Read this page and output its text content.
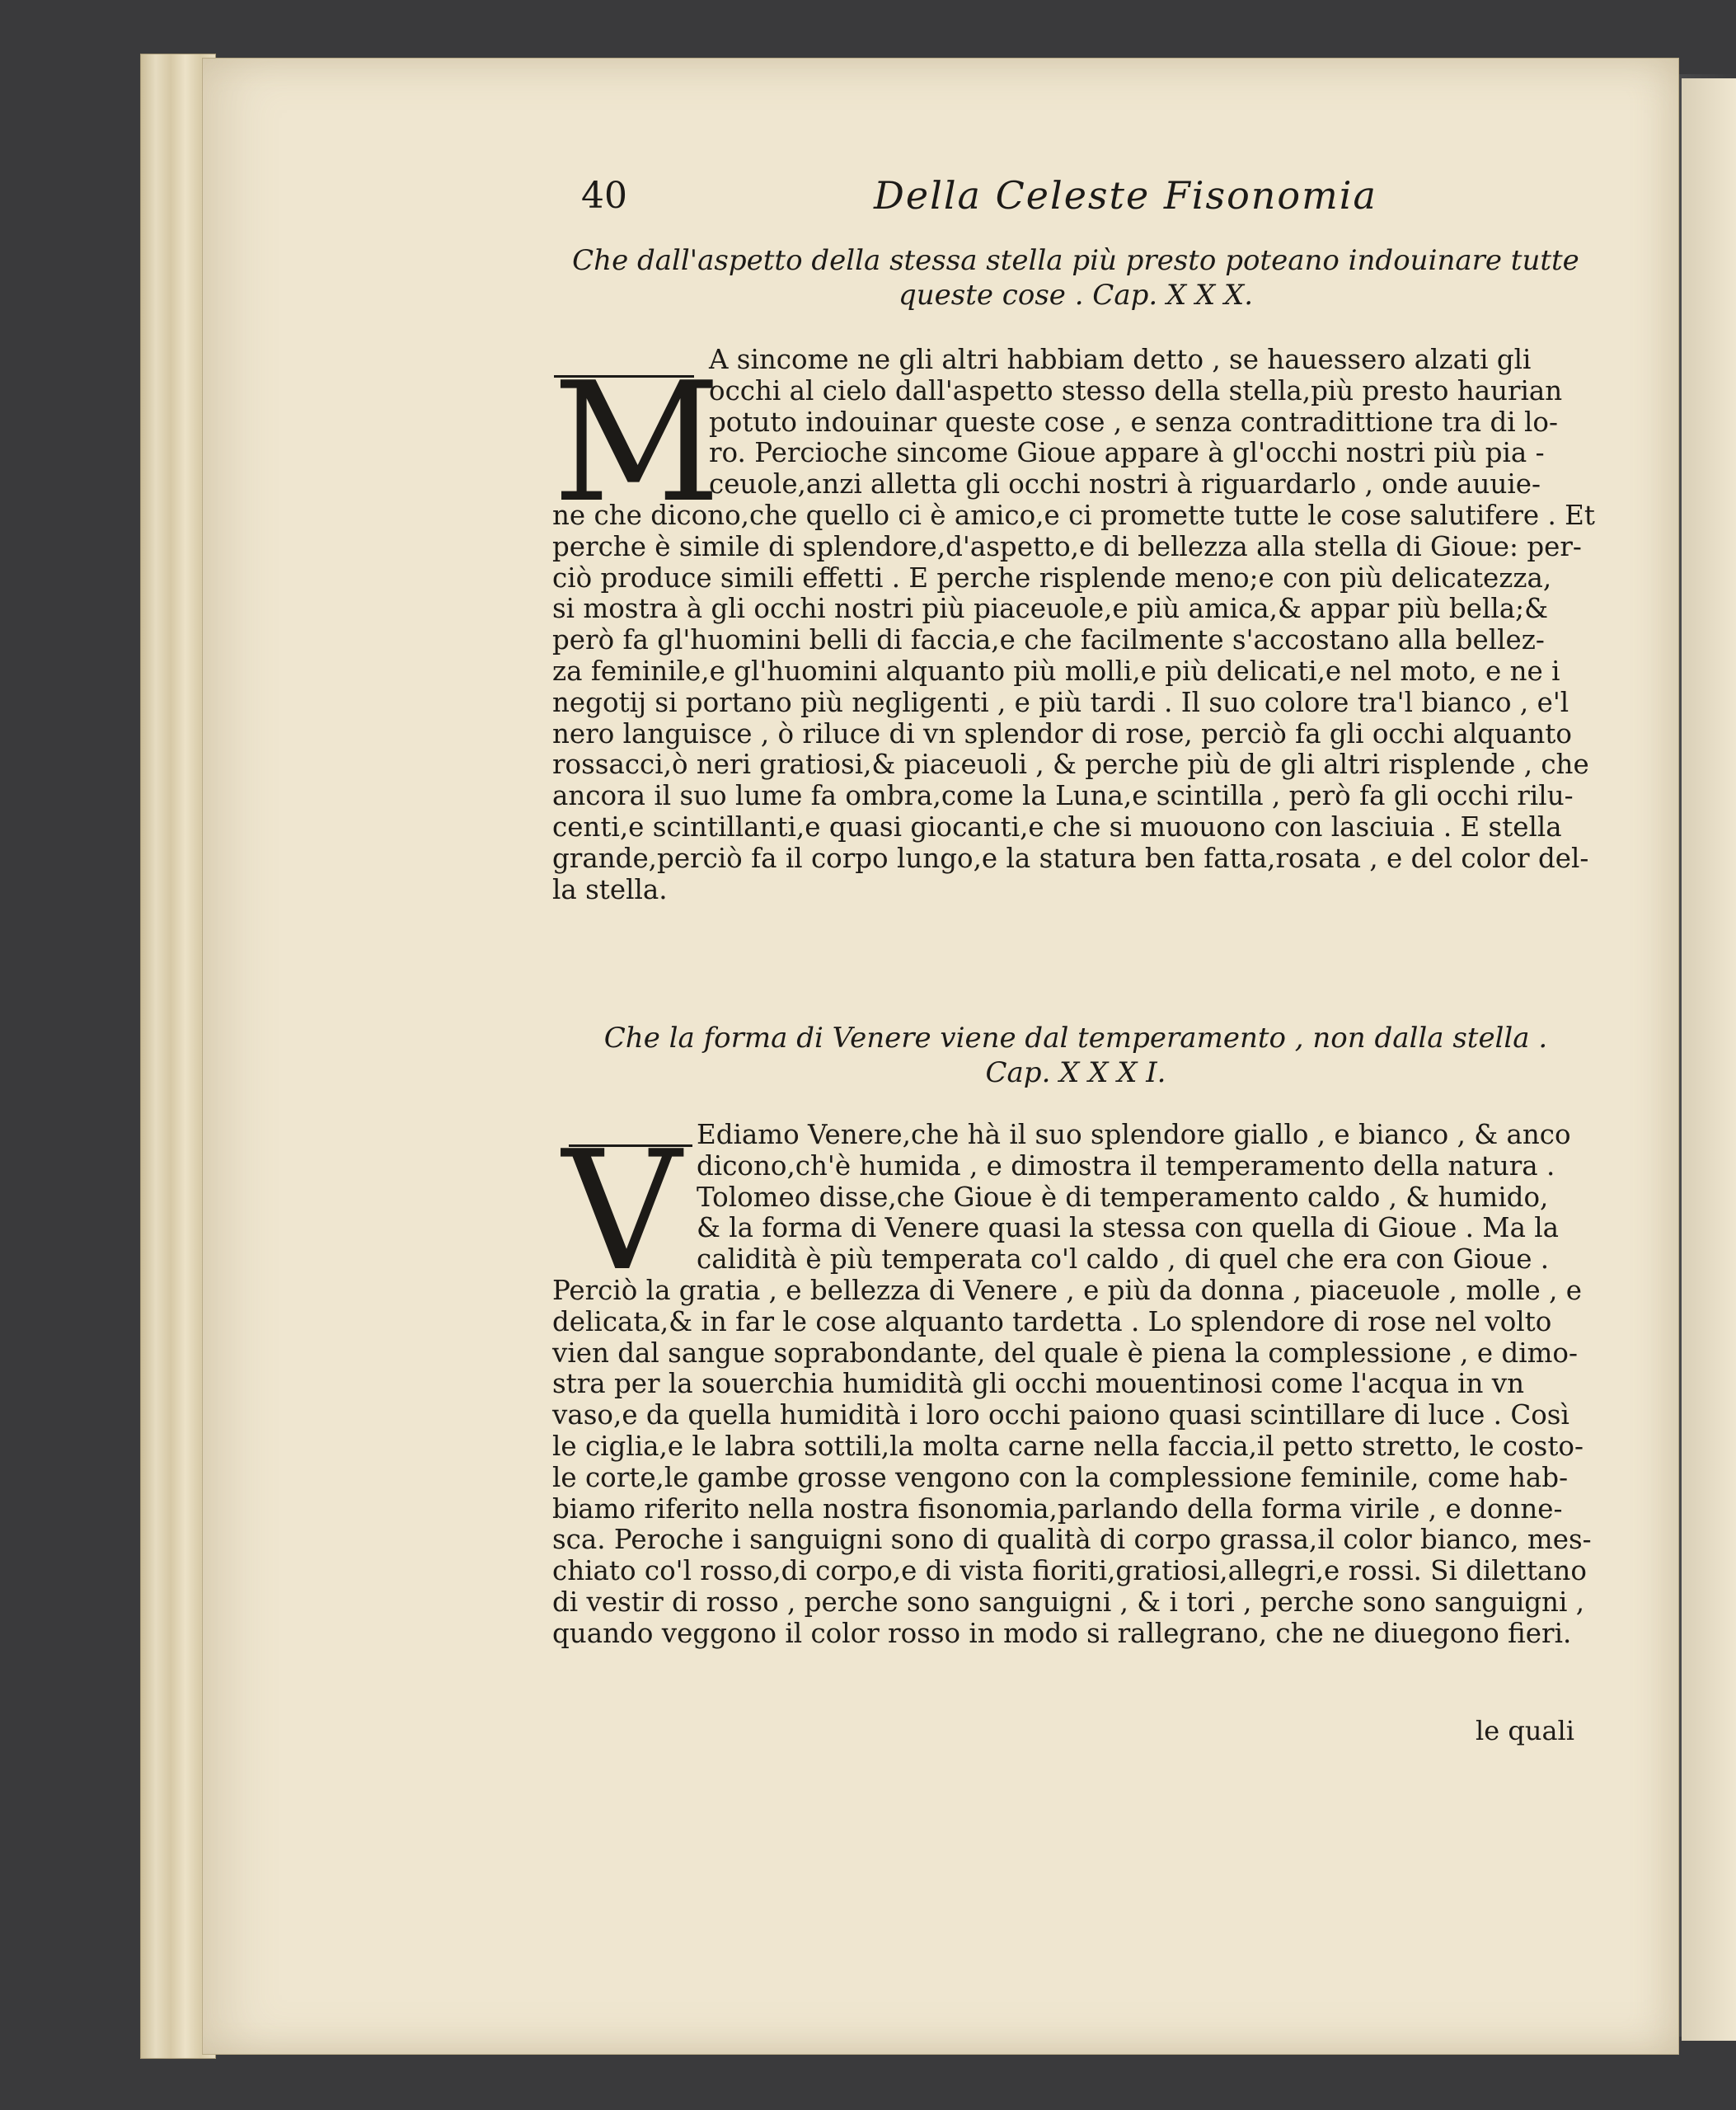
40	Della Celeste Fisonomia
Che dall'aspetto della stessa stella più presto poteano indouinare tutte
queste cose . Cap. X X X.
M
A sincome ne gli altri habbiam detto , se hauessero alzati gli
occhi al cielo dall'aspetto stesso della stella,più presto haurian
potuto indouinar queste cose , e senza contradittione tra di lo-
ro. Percioche sincome Gioue appare à gl'occhi nostri più pia -
ceuole,anzi alletta gli occhi nostri à riguardarlo , onde auuie-
ne che dicono,che quello ci è amico,e ci promette tutte le cose salutifere . Et
perche è simile di splendore,d'aspetto,e di bellezza alla stella di Gioue: per-
ciò produce simili effetti . E perche risplende meno;e con più delicatezza,
si mostra à gli occhi nostri più piaceuole,e più amica,& appar più bella;&
però fa gl'huomini belli di faccia,e che facilmente s'accostano alla bellez-
za feminile,e gl'huomini alquanto più molli,e più delicati,e nel moto, e ne i
negotij si portano più negligenti , e più tardi . Il suo colore tra'l bianco , e'l
nero languisce , ò riluce di vn splendor di rose, perciò fa gli occhi alquanto
rossacci,ò neri gratiosi,& piaceuoli , & perche più de gli altri risplende , che
ancora il suo lume fa ombra,come la Luna,e scintilla , però fa gli occhi rilu-
centi,e scintillanti,e quasi giocanti,e che si muouono con lasciuia . E stella
grande,perciò fa il corpo lungo,e la statura ben fatta,rosata , e del color del-
la stella.
Che la forma di Venere viene dal temperamento , non dalla stella .
Cap. X X X I.
V Ediamo Venere,che hà il suo splendore giallo , e bianco , & anco
dicono,ch'è humida , e dimostra il temperamento della natura .
Tolomeo disse,che Gioue è di temperamento caldo , & humido,
& la forma di Venere quasi la stessa con quella di Gioue . Ma la
calidità è più temperata co'l caldo , di quel che era con Gioue .
Perciò la gratia , e bellezza di Venere , e più da donna , piaceuole , molle , e
delicata,& in far le cose alquanto tardetta . Lo splendore di rose nel volto
vien dal sangue soprabondante, del quale è piena la complessione , e dimo-
stra per la souerchia humidità gli occhi mouentinosi come l'acqua in vn
vaso,e da quella humidità i loro occhi paiono quasi scintillare di luce . Così
le ciglia,e le labra sottili,la molta carne nella faccia,il petto stretto, le costo-
le corte,le gambe grosse vengono con la complessione feminile, come hab-
biamo riferito nella nostra fisonomia,parlando della forma virile , e donne-
sca. Peroche i sanguigni sono di qualità di corpo grassa,il color bianco, mes-
chiato co'l rosso,di corpo,e di vista fioriti,gratiosi,allegri,e rossi. Si dilettano
di vestir di rosso , perche sono sanguigni , & i tori , perche sono sanguigni ,
quando veggono il color rosso in modo si rallegrano, che ne diuegono fieri.
le quali
